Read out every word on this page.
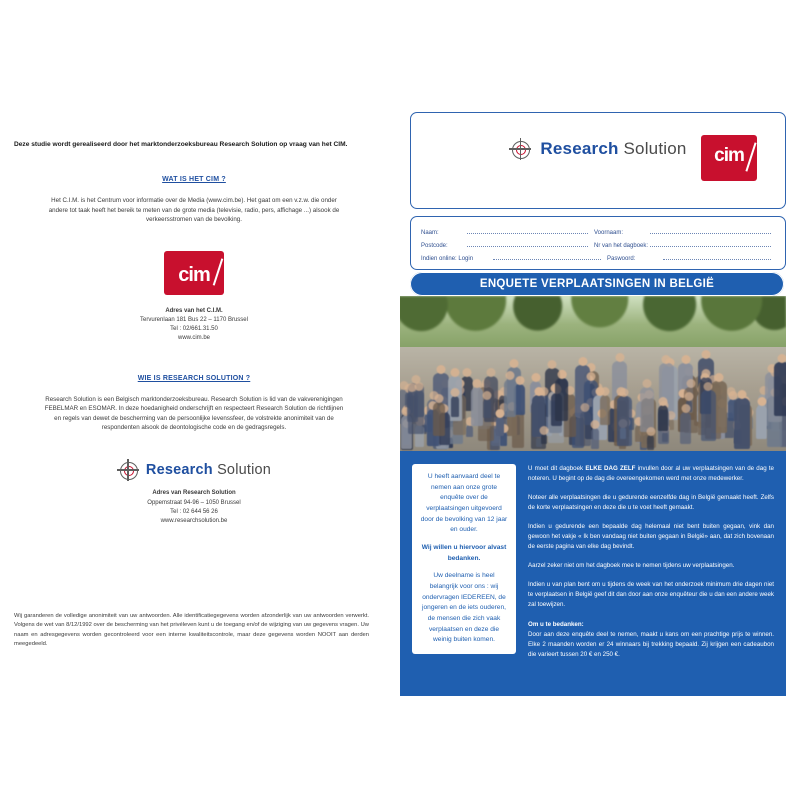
Deze studie wordt gerealiseerd door het marktonderzoeksbureau Research Solution op vraag van het CIM.
WAT IS HET CIM ?
Het C.I.M. is het Centrum voor informatie over de Media (www.cim.be). Het gaat om een v.z.w. die onder andere tot taak heeft het bereik te meten van de grote media (televisie, radio, pers, affichage ...) alsook de verkeersstromen van de bevolking.
cim
Adres van het C.I.M.
Tervurenlaan 181 Bus 22 – 1170 Brussel
Tel : 02/661.31.50
www.cim.be
WIE IS RESEARCH SOLUTION ?
Research Solution is een Belgisch marktonderzoeksbureau. Research Solution is lid van de vakverenigingen FEBELMAR en ESOMAR. In deze hoedanigheid onderschrijft en respecteert Research Solution de richtlijnen en regels van dewet de bescherming van de persoonlijke levenssfeer, de volstrekte anonimiteit van de respondenten alsook de deontologische code en de gedragsregels.
Research Solution
Adres van Research Solution
Oppemstraat 94-96 – 1050 Brussel
Tel : 02 644 56 26
www.researchsolution.be
Wij garanderen de volledige anonimiteit van uw antwoorden. Alle identificatiegegevens worden afzonderlijk van uw antwoorden verwerkt. Volgens de wet van 8/12/1992 over de bescherming van het privéleven kunt u de toegang en/of de wijziging van uw gegevens vragen. Uw naam en adresgegevens worden gecontroleerd voor een interne kwaliteitscontrole, maar deze gegevens worden NOOIT aan derden meegedeeld.
Research Solution	cim
Naam:	Voornaam:
Postcode:	Nr van het dagboek:
Indien online: Login	Paswoord:
ENQUETE VERPLAATSINGEN IN BELGIË
U heeft aanvaard deel te nemen aan onze grote enquête over de verplaatsingen uitgevoerd door de bevolking van 12 jaar en ouder.
Wij willen u hiervoor alvast bedanken.
Uw deelname is heel belangrijk voor ons : wij ondervragen IEDEREEN, de jongeren en de iets ouderen, de mensen die zich vaak verplaatsen en deze die weinig buiten komen.

U moet dit dagboek ELKE DAG ZELF invullen door al uw verplaatsingen van de dag te noteren. U begint op de dag die overeengekomen werd met onze medewerker.

Noteer alle verplaatsingen die u gedurende eenzelfde dag in België gemaakt heeft. Zelfs de korte verplaatsingen en deze die u te voet heeft gemaakt.

Indien u gedurende een bepaalde dag helemaal niet bent buiten gegaan, vink dan gewoon het vakje « Ik ben vandaag niet buiten gegaan in België» aan, dat zich bovenaan de eerste pagina van elke dag bevindt.

Aarzel zeker niet om het dagboek mee te nemen tijdens uw verplaatsingen.

Indien u van plan bent om u tijdens de week van het onderzoek minimum drie dagen niet te verplaatsen in België geef dit dan door aan onze enquêteur die u dan een andere week zal toewijzen.

Om u te bedanken:
Door aan deze enquête deel te nemen, maakt u kans om een prachtige prijs te winnen. Elke 2 maanden worden er 24 winnaars bij trekking bepaald. Zij krijgen een cadeaubon die varieert tussen 20 € en 250 €.
